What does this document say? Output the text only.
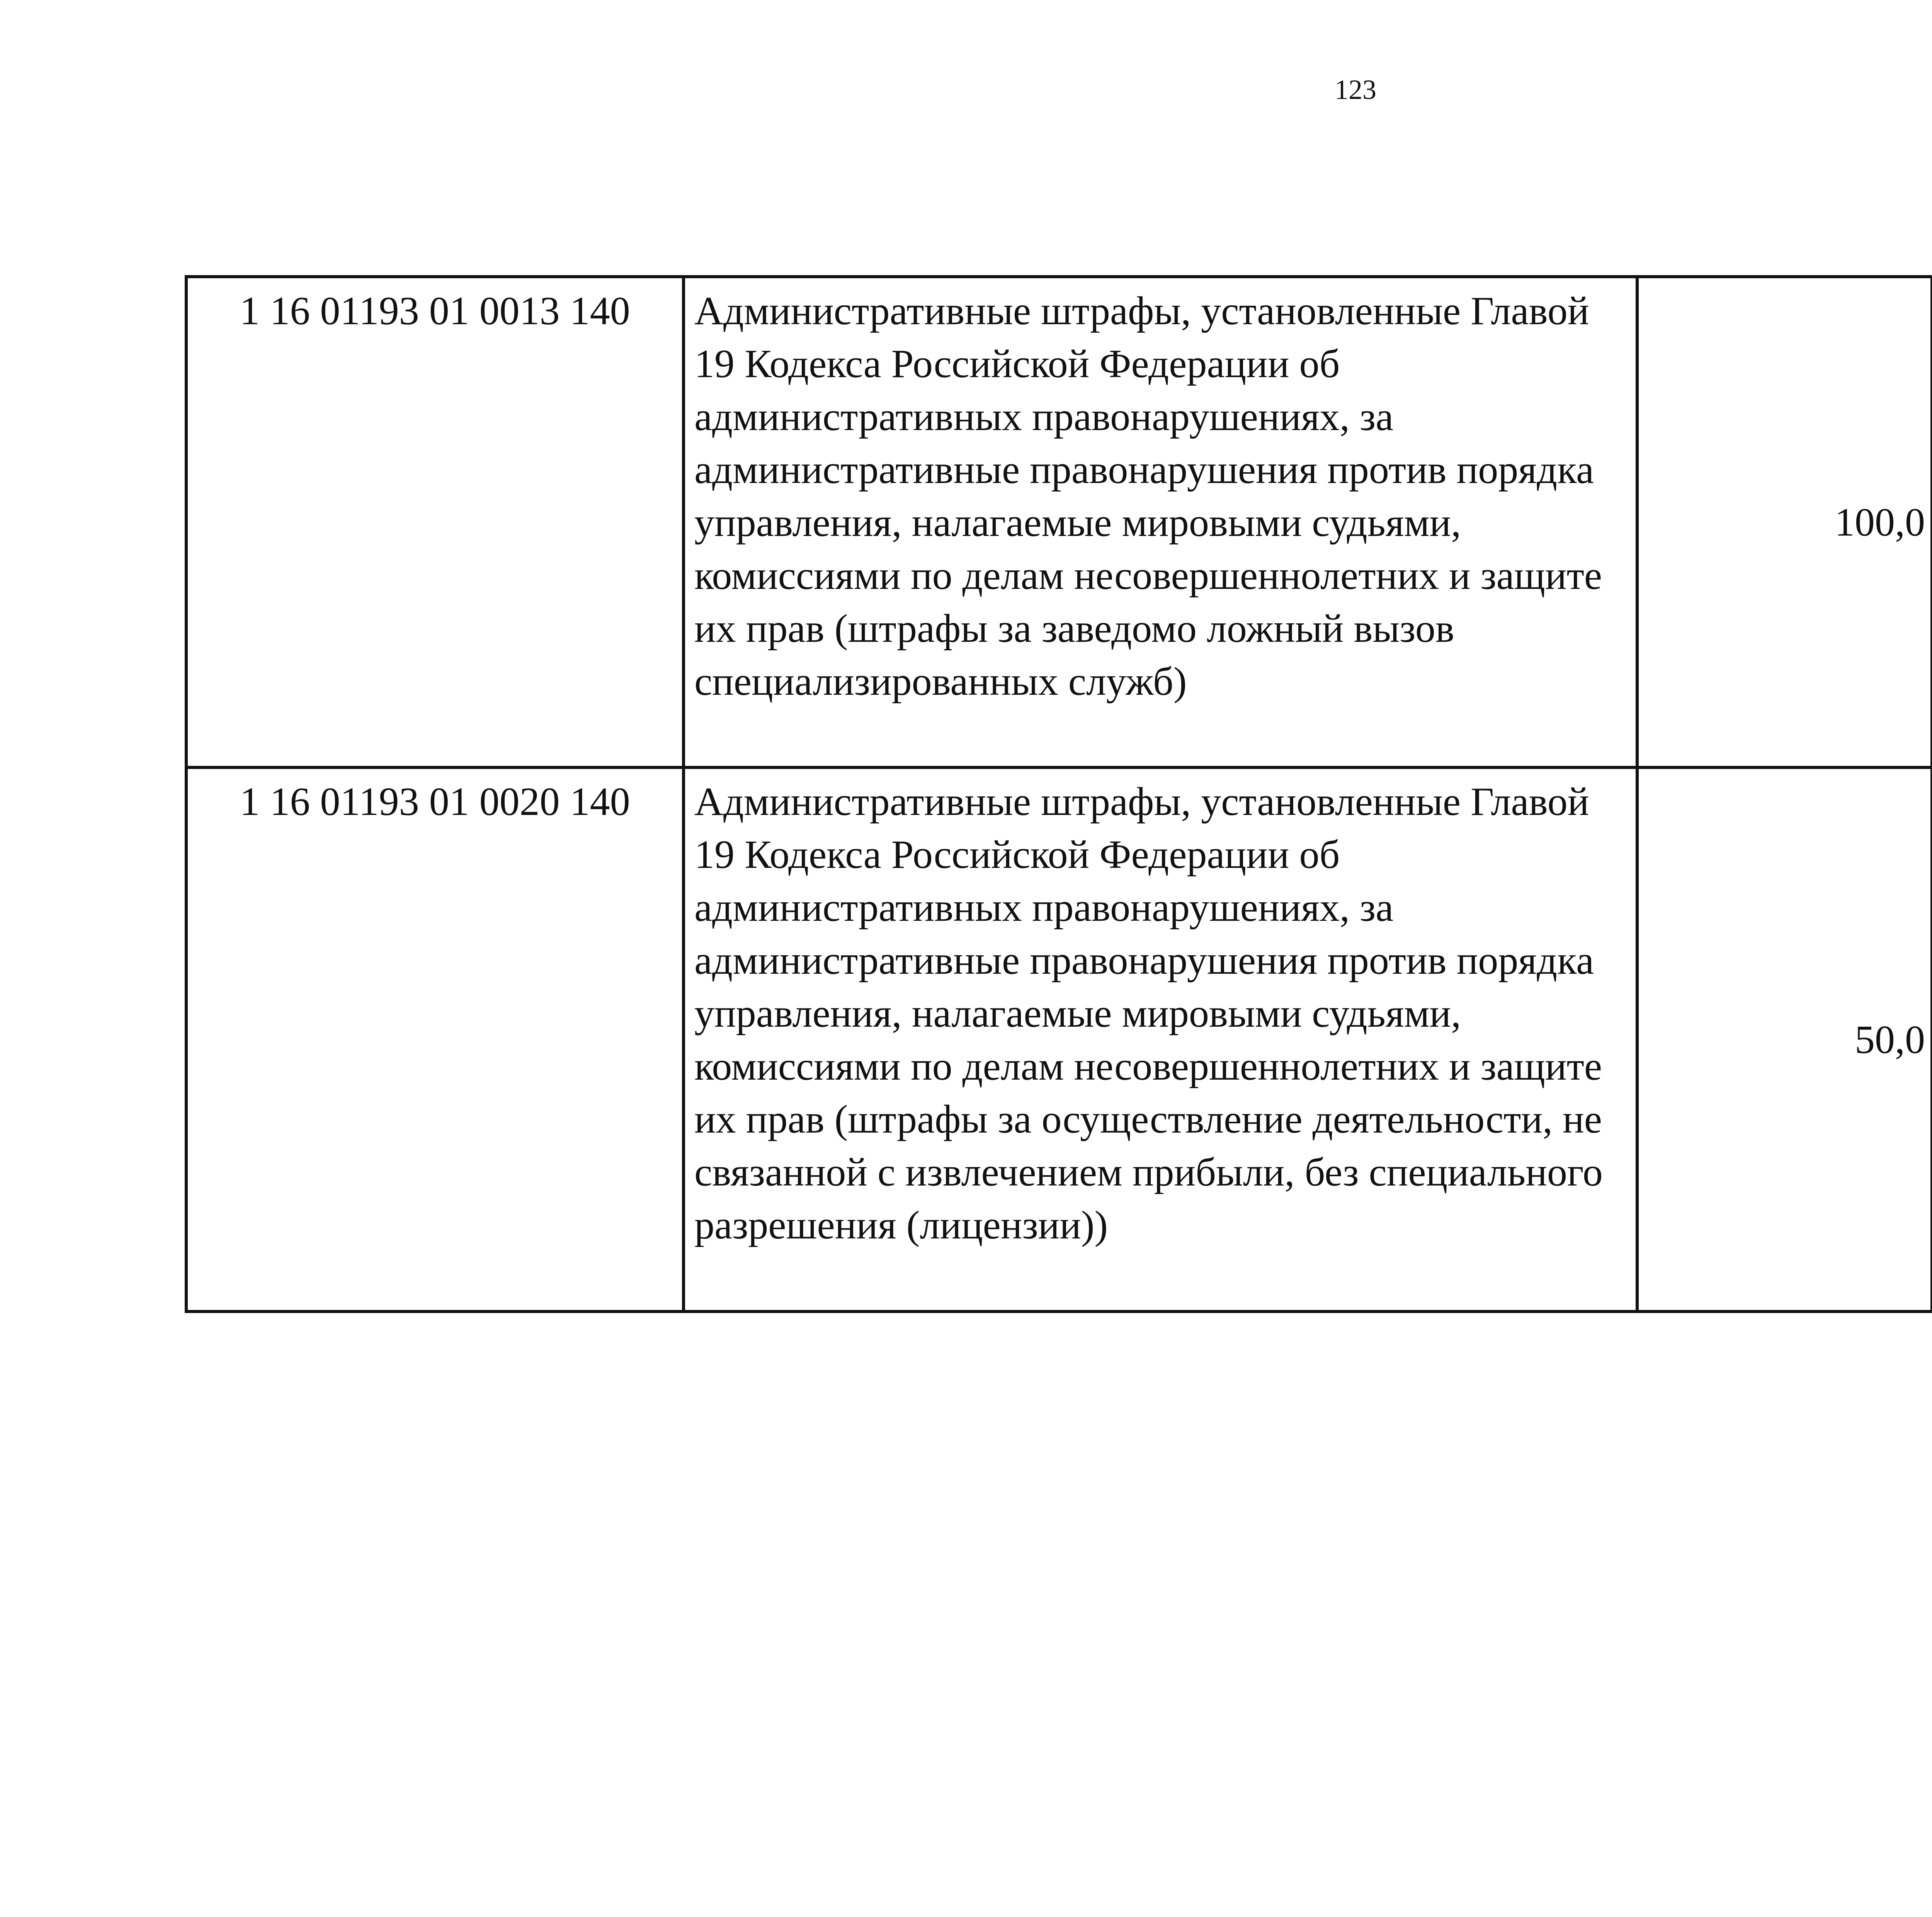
123
1 16 01193 01 0013 140	Административные штрафы, установленные Главой 19 Кодекса Российской Федерации об административных правонарушениях, за административные правонарушения против порядка управления, налагаемые мировыми судьями, комиссиями по делам несовершеннолетних и защите их прав (штрафы за заведомо ложный вызов специализированных служб)	100,0		
1 16 01193 01 0020 140	Административные штрафы, установленные Главой 19 Кодекса Российской Федерации об административных правонарушениях, за административные правонарушения против порядка управления, налагаемые мировыми судьями, комиссиями по делам несовершеннолетних и защите их прав (штрафы за осуществление деятельности, не связанной с извлечением прибыли, без специального разрешения (лицензии))	50,0		
